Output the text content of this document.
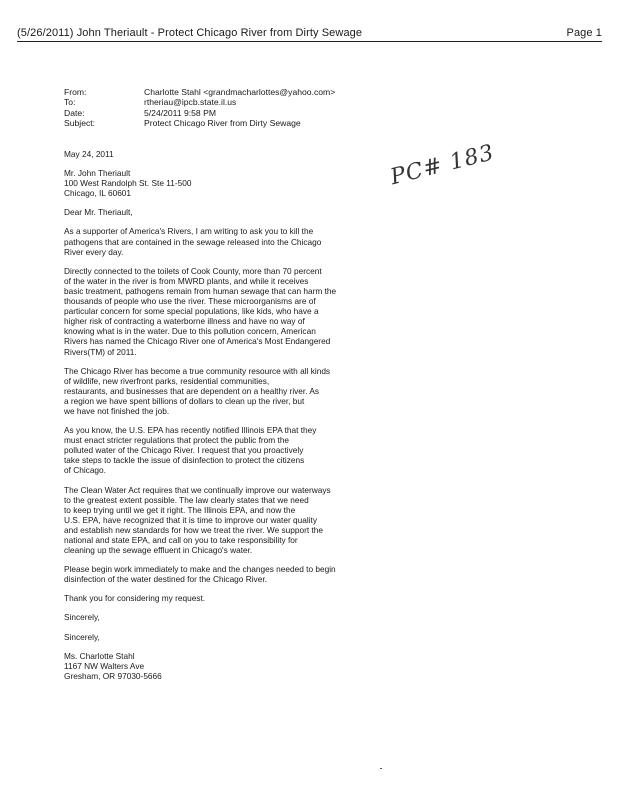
(5/26/2011) John Theriault - Protect Chicago River from Dirty Sewage	Page 1
From:	Charlotte Stahl <grandmacharlottes@yahoo.com>
To:	rtheriau@ipcb.state.il.us
Date:	5/24/2011 9:58 PM
Subject:	Protect Chicago River from Dirty Sewage
PC# 183

May 24, 2011

Mr. John Theriault
100 West Randolph St. Ste 11-500
Chicago, IL 60601

Dear Mr. Theriault,

As a supporter of America's Rivers, I am writing to ask you to kill the
pathogens that are contained in the sewage released into the Chicago
River every day.

Directly connected to the toilets of Cook County, more than 70 percent
of the water in the river is from MWRD plants, and while it receives
basic treatment, pathogens remain from human sewage that can harm the
thousands of people who use the river. These microorganisms are of
particular concern for some special populations, like kids, who have a
higher risk of contracting a waterborne illness and have no way of
knowing what is in the water. Due to this pollution concern, American
Rivers has named the Chicago River one of America's Most Endangered
Rivers(TM) of 2011.

The Chicago River has become a true community resource with all kinds
of wildlife, new riverfront parks, residential communities,
restaurants, and businesses that are dependent on a healthy river. As
a region we have spent billions of dollars to clean up the river, but
we have not finished the job.

As you know, the U.S. EPA has recently notified Illinois EPA that they
must enact stricter regulations that protect the public from the
polluted water of the Chicago River. I request that you proactively
take steps to tackle the issue of disinfection to protect the citizens
of Chicago.

The Clean Water Act requires that we continually improve our waterways
to the greatest extent possible. The law clearly states that we need
to keep trying until we get it right. The Illinois EPA, and now the
U.S. EPA, have recognized that it is time to improve our water quality
and establish new standards for how we treat the river. We support the
national and state EPA, and call on you to take responsibility for
cleaning up the sewage effluent in Chicago's water.

Please begin work immediately to make and the changes needed to begin
disinfection of the water destined for the Chicago River.

Thank you for considering my request.

Sincerely,

Sincerely,

Ms. Charlotte Stahl
1167 NW Walters Ave
Gresham, OR 97030-5666
